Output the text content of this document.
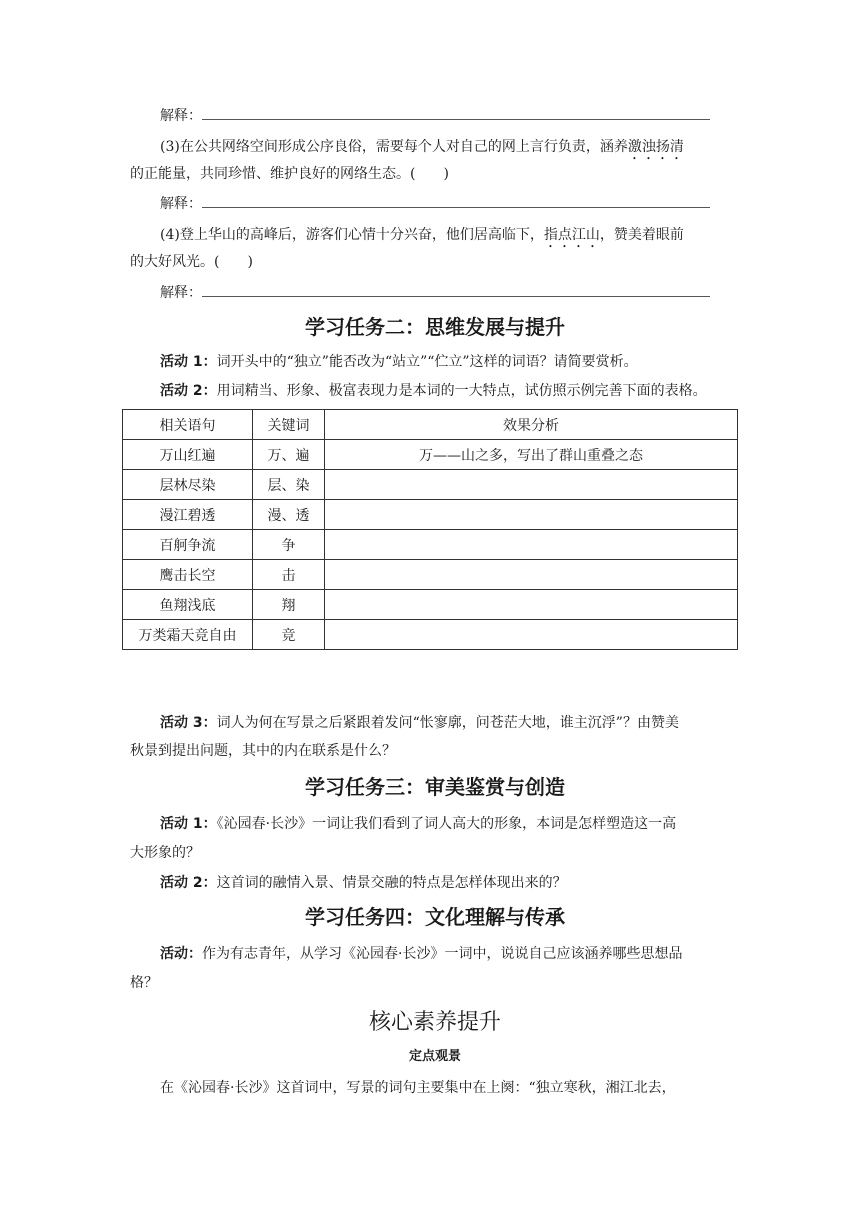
解释：
(3)在公共网络空间形成公序良俗，需要每个人对自己的网上言行负责，涵养激浊扬清
的正能量，共同珍惜、维护良好的网络生态。(　　)
解释：
(4)登上华山的高峰后，游客们心情十分兴奋，他们居高临下，指点江山，赞美着眼前
的大好风光。(　　)
解释：
学习任务二：思维发展与提升
活动 1：词开头中的“独立”能否改为“站立”“伫立”这样的词语？请简要赏析。
活动 2：用词精当、形象、极富表现力是本词的一大特点，试仿照示例完善下面的表格。
相关语句	关键词	效果分析
万山红遍	万、遍	万——山之多，写出了群山重叠之态
层林尽染	层、染	
漫江碧透	漫、透	
百舸争流	争	
鹰击长空	击	
鱼翔浅底	翔	
万类霜天竞自由	竞	
活动 3：词人为何在写景之后紧跟着发问“怅寥廓，问苍茫大地，谁主沉浮”？由赞美
秋景到提出问题，其中的内在联系是什么？
学习任务三：审美鉴赏与创造
活动 1：《沁园春·长沙》一词让我们看到了词人高大的形象，本词是怎样塑造这一高
大形象的？
活动 2：这首词的融情入景、情景交融的特点是怎样体现出来的？
学习任务四：文化理解与传承
活动：作为有志青年，从学习《沁园春·长沙》一词中，说说自己应该涵养哪些思想品
格？
核心素养提升
定点观景
在《沁园春·长沙》这首词中，写景的词句主要集中在上阕：“独立寒秋，湘江北去，
